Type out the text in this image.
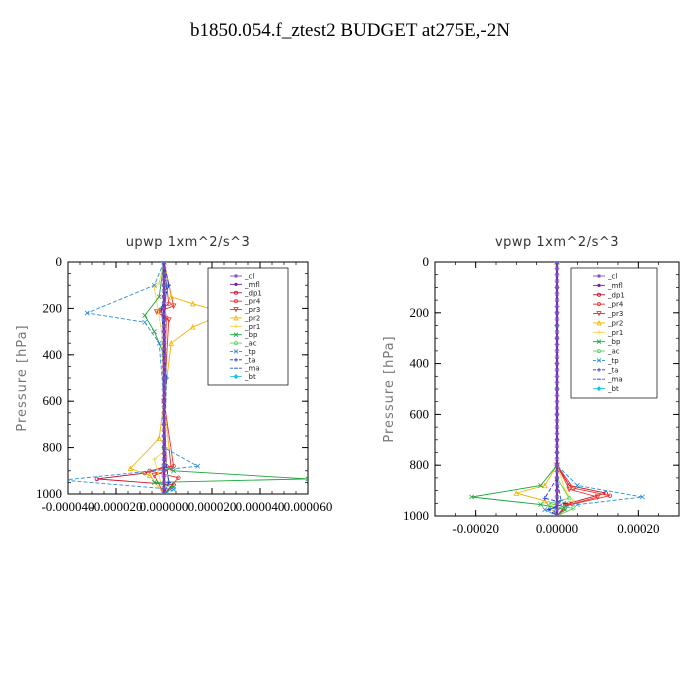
b1850.054.f_ztest2 BUDGET at275E,-2N
upwp 1xm^2/s^3
Pressure [hPa]
0
200
400
600
800
1000
-0.000040
-0.000020
0.000000 0.000020 0.000040 0.000060
_cl
_mfl
_dp1
_pr4
_pr3
_pr2
_pr1
_bp
_ac
_tp
_ta
_ma
_bt
vpwp 1xm^2/s^3
Pressure [hPa]
0
200
400
600
800
1000
-0.00020	0.00000	0.00020
_cl
_mfl
_dp1
_pr4
_pr3
_pr2
_pr1
_bp
_ac
_tp
_ta
_ma
_bt
